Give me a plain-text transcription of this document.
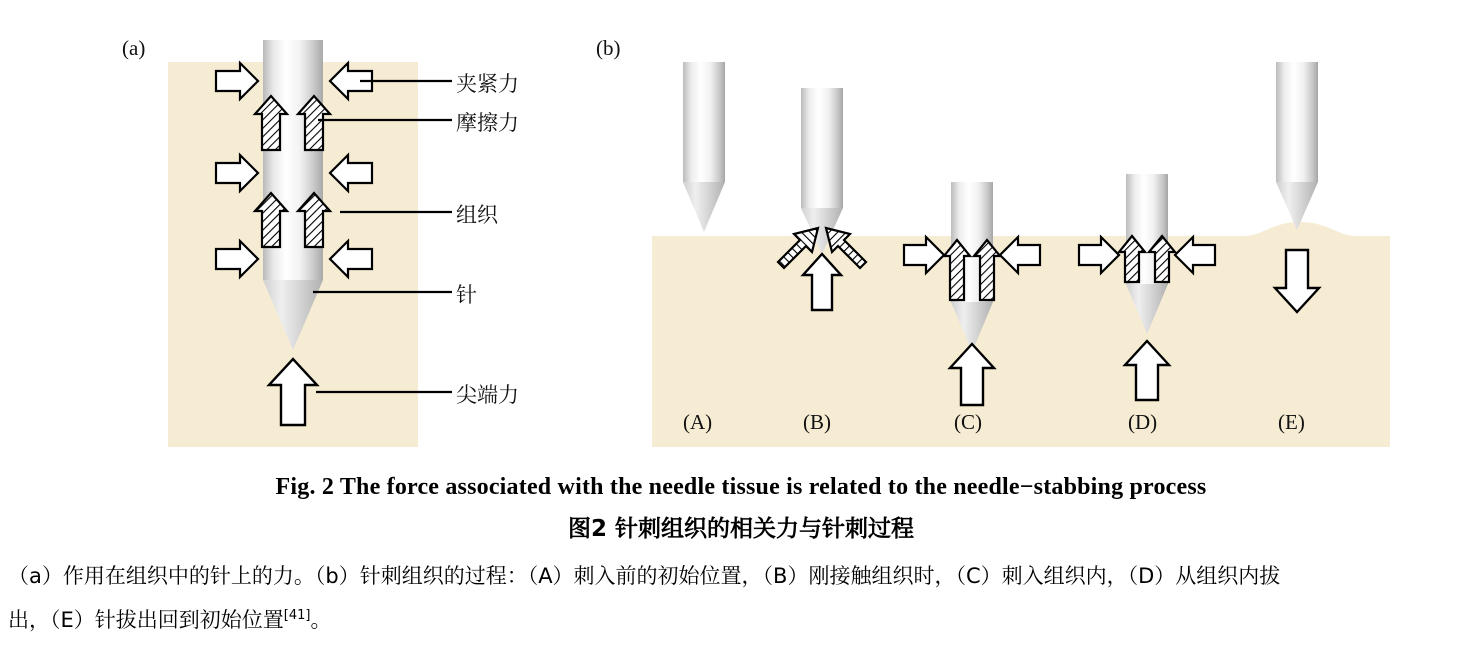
(a)	(b)
夹紧力
摩擦力
组织
针
尖端力
(A)	(B)	(C)	(D)	(E)
Fig. 2 The force associated with the needle tissue is related to the needle−stabbing process
图2 针刺组织的相关力与针刺过程
（a）作用在组织中的针上的力。（b）针刺组织的过程：（A）刺入前的初始位置，（B）刚接触组织时，（C）刺入组织内，（D）从组织内拔
出，（E）针拔出回到初始位置[41]。
